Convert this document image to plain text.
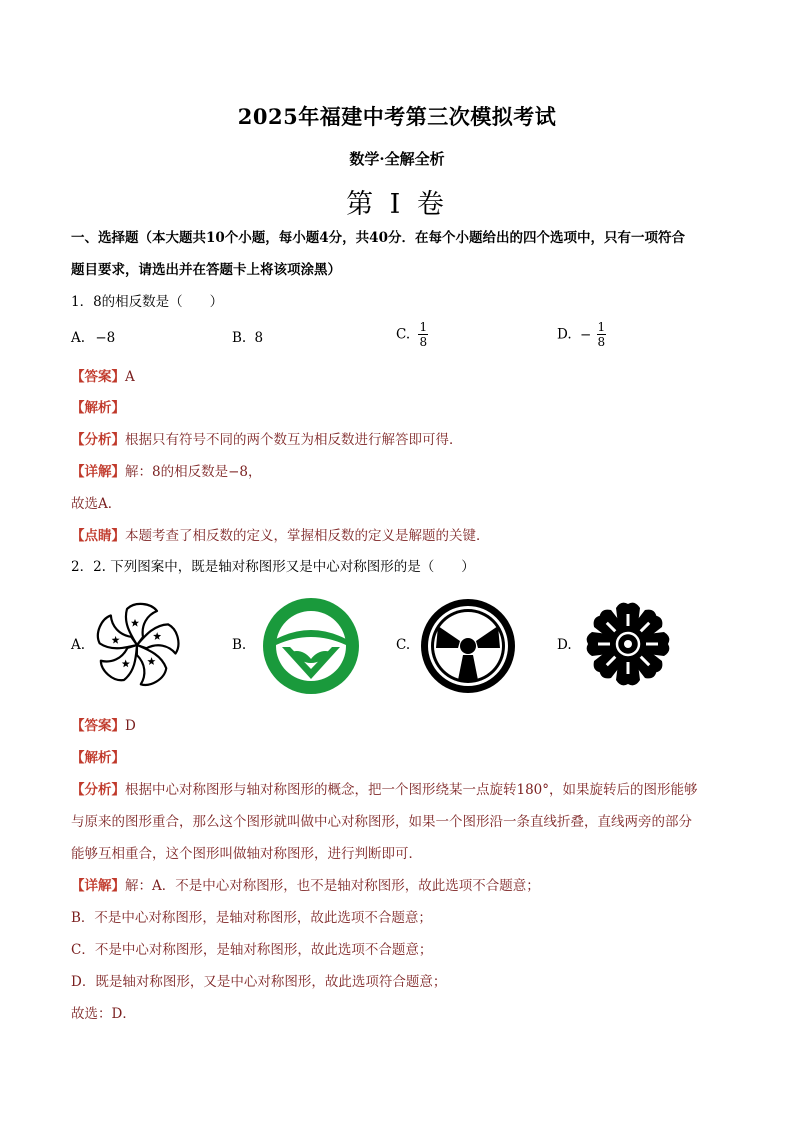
2025年福建中考第三次模拟考试
数学·全解全析
第 I 卷
一、选择题（本大题共10个小题，每小题4分，共40分．在每个小题给出的四个选项中，只有一项符合
题目要求，请选出并在答题卡上将该项涂黑）
1．8的相反数是（　　）
A. −8	B. 8	C. $\frac{1}{8}$	D. − $\frac{1}{8}$
【答案】A
【解析】
【分析】根据只有符号不同的两个数互为相反数进行解答即可得．
【详解】解：8的相反数是−8，
故选A．
【点睛】本题考查了相反数的定义，掌握相反数的定义是解题的关键．
2．2. 下列图案中，既是轴对称图形又是中心对称图形的是（　　）
A.	B.	C.	D.
【答案】D
【解析】
【分析】根据中心对称图形与轴对称图形的概念，把一个图形绕某一点旋转180°，如果旋转后的图形能够
与原来的图形重合，那么这个图形就叫做中心对称图形，如果一个图形沿一条直线折叠，直线两旁的部分
能够互相重合，这个图形叫做轴对称图形，进行判断即可．
【详解】解：A．不是中心对称图形，也不是轴对称图形，故此选项不合题意；
B．不是中心对称图形，是轴对称图形，故此选项不合题意；
C．不是中心对称图形，是轴对称图形，故此选项不合题意；
D．既是轴对称图形，又是中心对称图形，故此选项符合题意；
故选：D．
